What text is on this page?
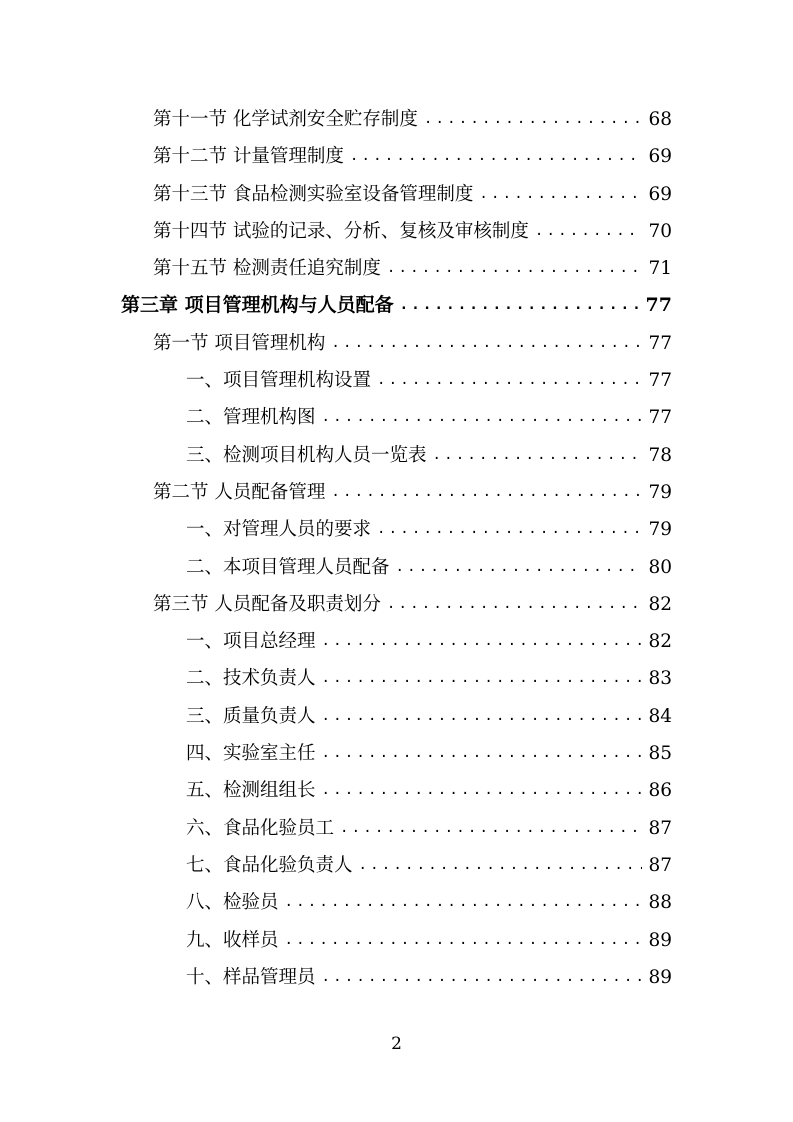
第十一节 化学试剂安全贮存制度 .....	68
第十二节 计量管理制度 .....	69
第十三节 食品检测实验室设备管理制度 .....	69
第十四节 试验的记录、分析、复核及审核制度 .....	70
第十五节 检测责任追究制度 .....	71
第三章 项目管理机构与人员配备 .....	77
第一节 项目管理机构 .....	77
一、项目管理机构设置 .....	77
二、管理机构图 .....	77
三、检测项目机构人员一览表 .....	78
第二节 人员配备管理 .....	79
一、对管理人员的要求 .....	79
二、本项目管理人员配备 .....	80
第三节 人员配备及职责划分 .....	82
一、项目总经理 .....	82
二、技术负责人 .....	83
三、质量负责人 .....	84
四、实验室主任 .....	85
五、检测组组长 .....	86
六、食品化验员工 .....	87
七、食品化验负责人 .....	87
八、检验员 .....	88
九、收样员 .....	89
十、样品管理员 .....	89
2
